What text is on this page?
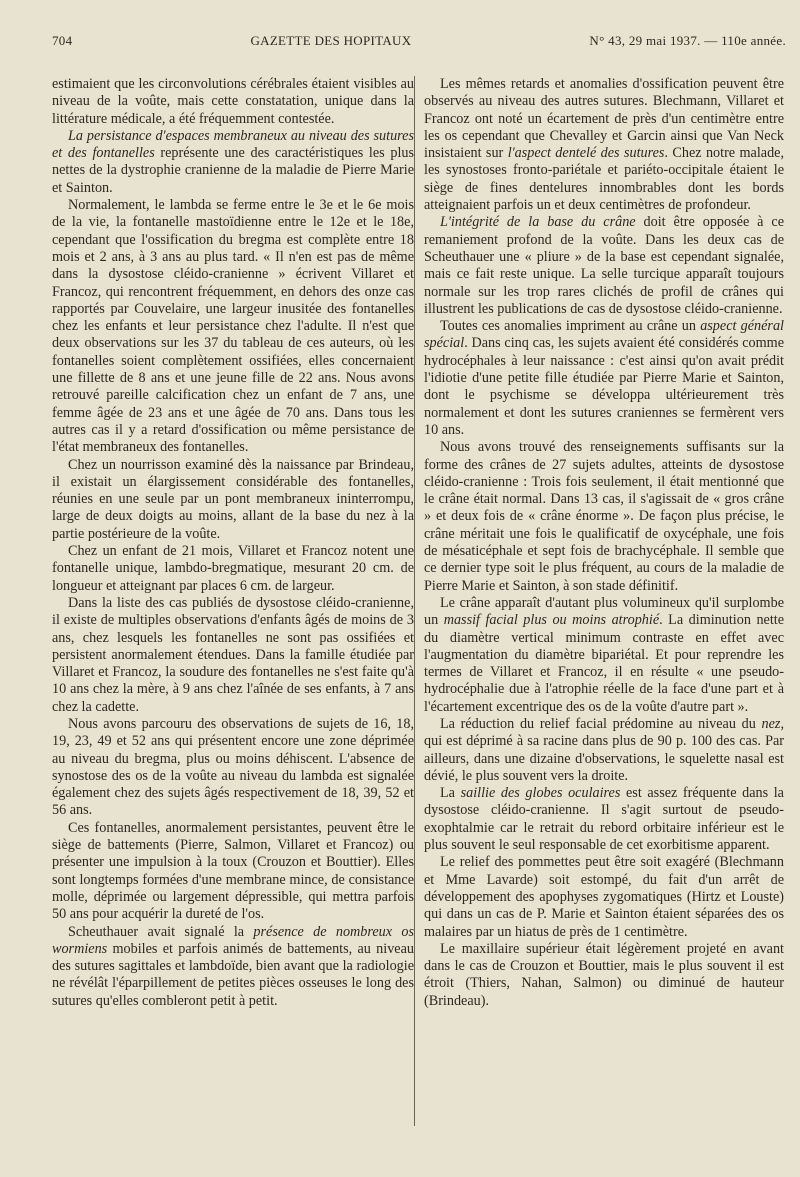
704	GAZETTE DES HOPITAUX	N° 43, 29 mai 1937. — 110e année.

estimaient que les circonvolutions cérébrales étaient visibles au niveau de la voûte, mais cette constatation, unique dans la littérature médicale, a été fréquemment contestée.

La persistance d'espaces membraneux au niveau des sutures et des fontanelles représente une des caractéristiques les plus nettes de la dystrophie cranienne de la maladie de Pierre Marie et Sainton.

Normalement, le lambda se ferme entre le 3e et le 6e mois de la vie, la fontanelle mastoïdienne entre le 12e et le 18e, cependant que l'ossification du bregma est complète entre 18 mois et 2 ans, à 3 ans au plus tard. « Il n'en est pas de même dans la dysostose cléido-cranienne » écrivent Villaret et Francoz, qui rencontrent fréquemment, en dehors des onze cas rapportés par Couvelaire, une largeur inusitée des fontanelles chez les enfants et leur persistance chez l'adulte. Il n'est que deux observations sur les 37 du tableau de ces auteurs, où les fontanelles soient complètement ossifiées, elles concernaient une fillette de 8 ans et une jeune fille de 22 ans. Nous avons retrouvé pareille calcification chez un enfant de 7 ans, une femme âgée de 23 ans et une âgée de 70 ans. Dans tous les autres cas il y a retard d'ossification ou même persistance de l'état membraneux des fontanelles.

Chez un nourrisson examiné dès la naissance par Brindeau, il existait un élargissement considérable des fontanelles, réunies en une seule par un pont membraneux ininterrompu, large de deux doigts au moins, allant de la base du nez à la partie postérieure de la voûte.

Chez un enfant de 21 mois, Villaret et Francoz notent une fontanelle unique, lambdo-bregmatique, mesurant 20 cm. de longueur et atteignant par places 6 cm. de largeur.

Dans la liste des cas publiés de dysostose cléido-cranienne, il existe de multiples observations d'enfants âgés de moins de 3 ans, chez lesquels les fontanelles ne sont pas ossifiées et persistent anormalement étendues. Dans la famille étudiée par Villaret et Francoz, la soudure des fontanelles ne s'est faite qu'à 10 ans chez la mère, à 9 ans chez l'aînée de ses enfants, à 7 ans chez la cadette.

Nous avons parcouru des observations de sujets de 16, 18, 19, 23, 49 et 52 ans qui présentent encore une zone déprimée au niveau du bregma, plus ou moins déhiscent. L'absence de synostose des os de la voûte au niveau du lambda est signalée également chez des sujets âgés respectivement de 18, 39, 52 et 56 ans.

Ces fontanelles, anormalement persistantes, peuvent être le siège de battements (Pierre, Salmon, Villaret et Francoz) ou présenter une impulsion à la toux (Crouzon et Bouttier). Elles sont longtemps formées d'une membrane mince, de consistance molle, déprimée ou largement dépressible, qui mettra parfois 50 ans pour acquérir la dureté de l'os.

Scheuthauer avait signalé la présence de nombreux os wormiens mobiles et parfois animés de battements, au niveau des sutures sagittales et lambdoïde, bien avant que la radiologie ne révélât l'éparpillement de petites pièces osseuses le long des sutures qu'elles combleront petit à petit.

Les mêmes retards et anomalies d'ossification peuvent être observés au niveau des autres sutures. Blechmann, Villaret et Francoz ont noté un écartement de près d'un centimètre entre les os cependant que Chevalley et Garcin ainsi que Van Neck insistaient sur l'aspect dentelé des sutures. Chez notre malade, les synostoses fronto-pariétale et pariéto-occipitale étaient le siège de fines dentelures innombrables dont les bords atteignaient parfois un et deux centimètres de profondeur.

L'intégrité de la base du crâne doit être opposée à ce remaniement profond de la voûte. Dans les deux cas de Scheuthauer une « pliure » de la base est cependant signalée, mais ce fait reste unique. La selle turcique apparaît toujours normale sur les trop rares clichés de profil de crânes qui illustrent les publications de cas de dysostose cléido-cranienne.

Toutes ces anomalies impriment au crâne un aspect général spécial. Dans cinq cas, les sujets avaient été considérés comme hydrocéphales à leur naissance : c'est ainsi qu'on avait prédit l'idiotie d'une petite fille étudiée par Pierre Marie et Sainton, dont le psychisme se développa ultérieurement très normalement et dont les sutures craniennes se fermèrent vers 10 ans.

Nous avons trouvé des renseignements suffisants sur la forme des crânes de 27 sujets adultes, atteints de dysostose cléido-cranienne : Trois fois seulement, il était mentionné que le crâne était normal. Dans 13 cas, il s'agissait de « gros crâne » et deux fois de « crâne énorme ». De façon plus précise, le crâne méritait une fois le qualificatif de oxycéphale, une fois de mésaticéphale et sept fois de brachycéphale. Il semble que ce dernier type soit le plus fréquent, au cours de la maladie de Pierre Marie et Sainton, à son stade définitif.

Le crâne apparaît d'autant plus volumineux qu'il surplombe un massif facial plus ou moins atrophié. La diminution nette du diamètre vertical minimum contraste en effet avec l'augmentation du diamètre bipariétal. Et pour reprendre les termes de Villaret et Francoz, il en résulte « une pseudo-hydrocéphalie due à l'atrophie réelle de la face d'une part et à l'écartement excentrique des os de la voûte d'autre part ».

La réduction du relief facial prédomine au niveau du nez, qui est déprimé à sa racine dans plus de 90 p. 100 des cas. Par ailleurs, dans une dizaine d'observations, le squelette nasal est dévié, le plus souvent vers la droite.

La saillie des globes oculaires est assez fréquente dans la dysostose cléido-cranienne. Il s'agit surtout de pseudo-exophtalmie car le retrait du rebord orbitaire inférieur est le plus souvent le seul responsable de cet exorbitisme apparent.

Le relief des pommettes peut être soit exagéré (Blechmann et Mme Lavarde) soit estompé, du fait d'un arrêt de développement des apophyses zygomatiques (Hirtz et Louste) qui dans un cas de P. Marie et Sainton étaient séparées des os malaires par un hiatus de près de 1 centimètre.

Le maxillaire supérieur était légèrement projeté en avant dans le cas de Crouzon et Bouttier, mais le plus souvent il est étroit (Thiers, Nahan, Salmon) ou diminué de hauteur (Brindeau).
